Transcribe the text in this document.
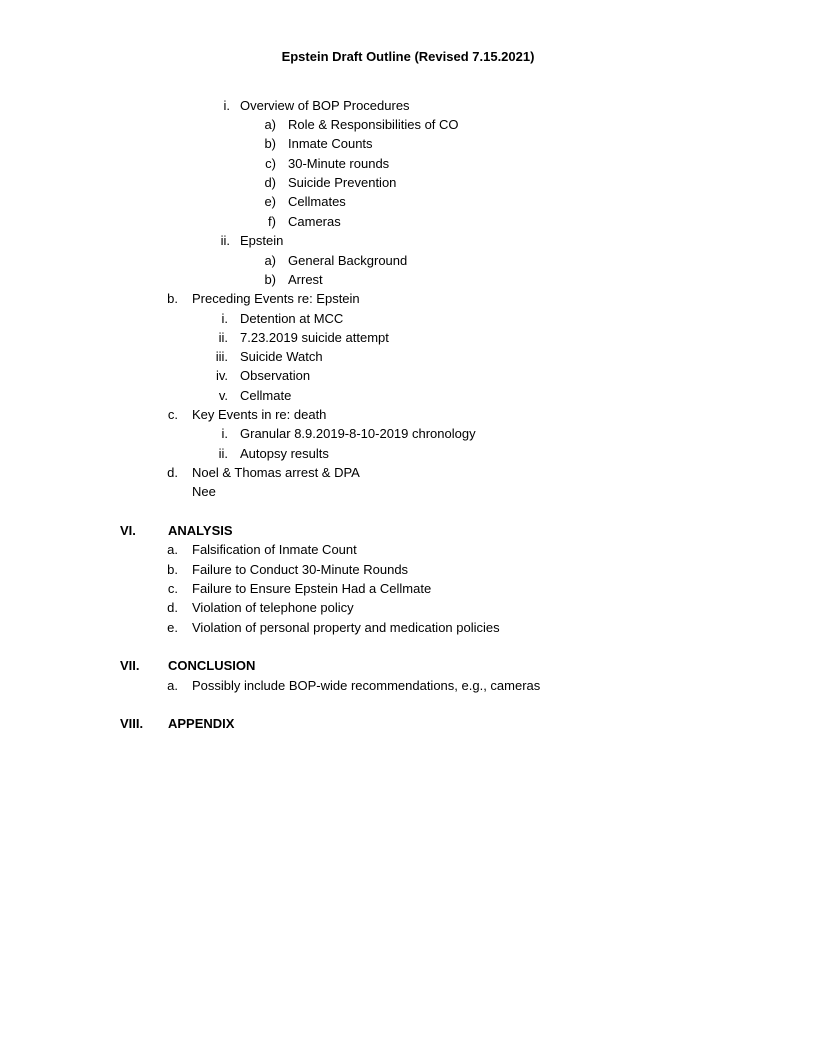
Epstein Draft Outline (Revised 7.15.2021)
i. Overview of BOP Procedures
a) Role & Responsibilities of CO
b) Inmate Counts
c) 30-Minute rounds
d) Suicide Prevention
e) Cellmates
f) Cameras
ii. Epstein
a) General Background
b) Arrest
b. Preceding Events re: Epstein
i. Detention at MCC
ii. 7.23.2019 suicide attempt
iii. Suicide Watch
iv. Observation
v. Cellmate
c. Key Events in re: death
i. Granular 8.9.2019-8-10-2019 chronology
ii. Autopsy results
d. Noel & Thomas arrest & DPA
Nee
VI. ANALYSIS
a. Falsification of Inmate Count
b. Failure to Conduct 30-Minute Rounds
c. Failure to Ensure Epstein Had a Cellmate
d. Violation of telephone policy
e. Violation of personal property and medication policies
VII. CONCLUSION
a. Possibly include BOP-wide recommendations, e.g., cameras
VIII. APPENDIX
